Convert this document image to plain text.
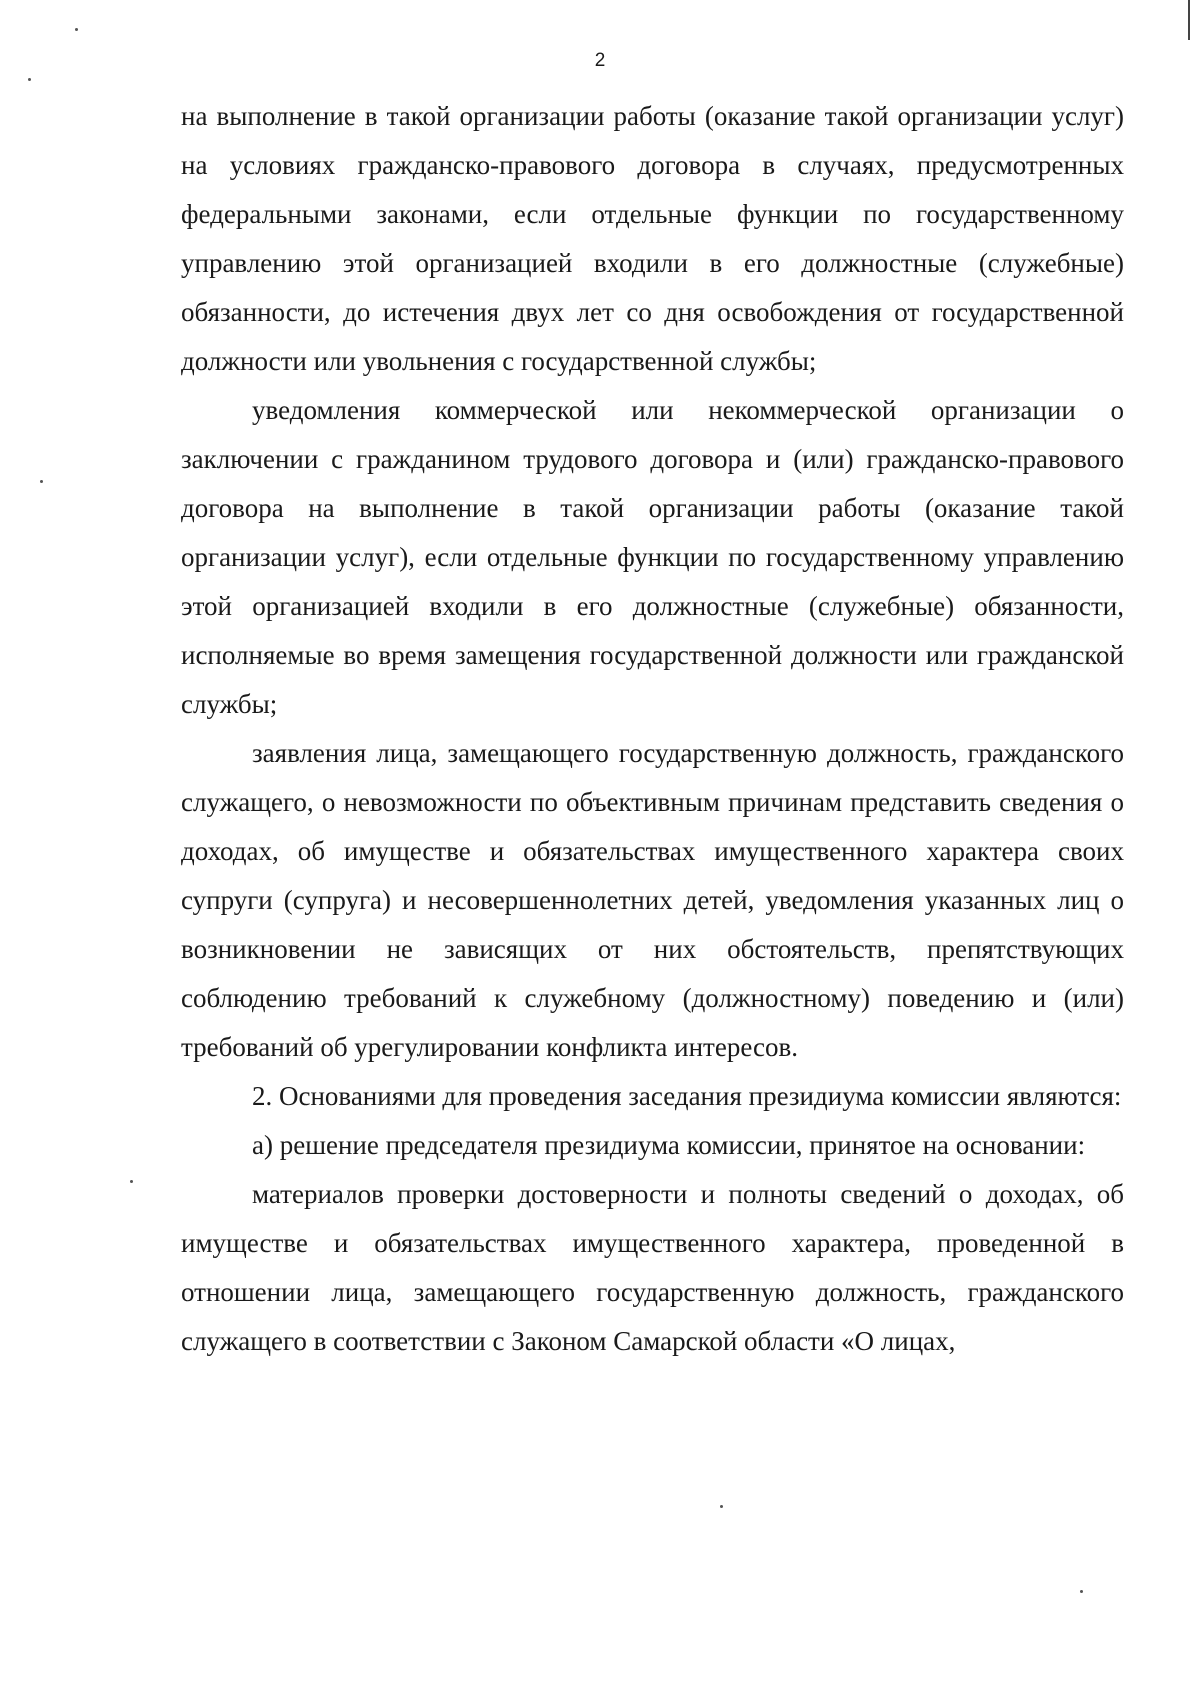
2

на выполнение в такой организации работы (оказание такой организации услуг) на условиях гражданско-правового договора в случаях, предусмотренных федеральными законами, если отдельные функции по государственному управлению этой организацией входили в его должностные (служебные) обязанности, до истечения двух лет со дня освобождения от государственной должности или увольнения с государственной службы;

уведомления коммерческой или некоммерческой организации о заключении с гражданином трудового договора и (или) гражданско-правового договора на выполнение в такой организации работы (оказание такой организации услуг), если отдельные функции по государственному управлению этой организацией входили в его должностные (служебные) обязанности, исполняемые во время замещения государственной должности или гражданской службы;

заявления лица, замещающего государственную должность, гражданского служащего, о невозможности по объективным причинам представить сведения о доходах, об имуществе и обязательствах имущественного характера своих супруги (супруга) и несовершеннолетних детей, уведомления указанных лиц о возникновении не зависящих от них обстоятельств, препятствующих соблюдению требований к служебному (должностному) поведению и (или) требований об урегулировании конфликта интересов.

2. Основаниями для проведения заседания президиума комиссии являются:

а) решение председателя президиума комиссии, принятое на основании:

материалов проверки достоверности и полноты сведений о доходах, об имуществе и обязательствах имущественного характера, проведенной в отношении лица, замещающего государственную должность, гражданского служащего в соответствии с Законом Самарской области «О лицах,
